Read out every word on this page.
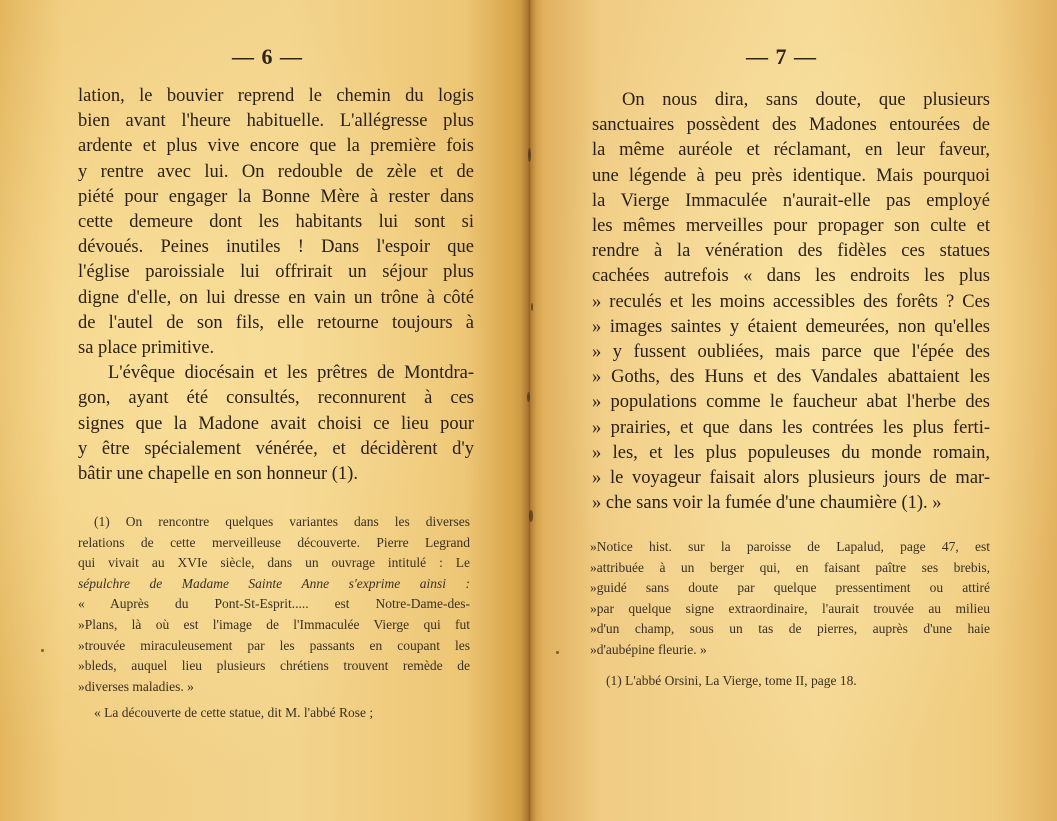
— 6 —
lation, le bouvier reprend le chemin du logis
bien avant l'heure habituelle. L'allégresse plus
ardente et plus vive encore que la première fois
y rentre avec lui. On redouble de zèle et de
piété pour engager la Bonne Mère à rester dans
cette demeure dont les habitants lui sont si
dévoués. Peines inutiles ! Dans l'espoir que
l'église paroissiale lui offrirait un séjour plus
digne d'elle, on lui dresse en vain un trône à côté
de l'autel de son fils, elle retourne toujours à
sa place primitive.
L'évêque diocésain et les prêtres de Montdra-
gon, ayant été consultés, reconnurent à ces
signes que la Madone avait choisi ce lieu pour
y être spécialement vénérée, et décidèrent d'y
bâtir une chapelle en son honneur (1).
(1) On rencontre quelques variantes dans les diverses
relations de cette merveilleuse découverte. Pierre Legrand
qui vivait au XVIe siècle, dans un ouvrage intitulé : Le
sépulchre de Madame Sainte Anne s'exprime ainsi :
« Auprès du Pont-St-Esprit..... est Notre-Dame-des-
»Plans, là où est l'image de l'Immaculée Vierge qui fut
»trouvée miraculeusement par les passants en coupant les
»bleds, auquel lieu plusieurs chrétiens trouvent remède de
»diverses maladies. »
« La découverte de cette statue, dit M. l'abbé Rose ;
— 7 —
On nous dira, sans doute, que plusieurs
sanctuaires possèdent des Madones entourées de
la même auréole et réclamant, en leur faveur,
une légende à peu près identique. Mais pourquoi
la Vierge Immaculée n'aurait-elle pas employé
les mêmes merveilles pour propager son culte et
rendre à la vénération des fidèles ces statues
cachées autrefois « dans les endroits les plus
» reculés et les moins accessibles des forêts ? Ces
» images saintes y étaient demeurées, non qu'elles
» y fussent oubliées, mais parce que l'épée des
» Goths, des Huns et des Vandales abattaient les
» populations comme le faucheur abat l'herbe des
» prairies, et que dans les contrées les plus ferti-
» les, et les plus populeuses du monde romain,
» le voyageur faisait alors plusieurs jours de mar-
» che sans voir la fumée d'une chaumière (1). »
»Notice hist. sur la paroisse de Lapalud, page 47, est
»attribuée à un berger qui, en faisant paître ses brebis,
»guidé sans doute par quelque pressentiment ou attiré
»par quelque signe extraordinaire, l'aurait trouvée au milieu
»d'un champ, sous un tas de pierres, auprès d'une haie
»d'aubépine fleurie. »
(1) L'abbé Orsini, La Vierge, tome II, page 18.
